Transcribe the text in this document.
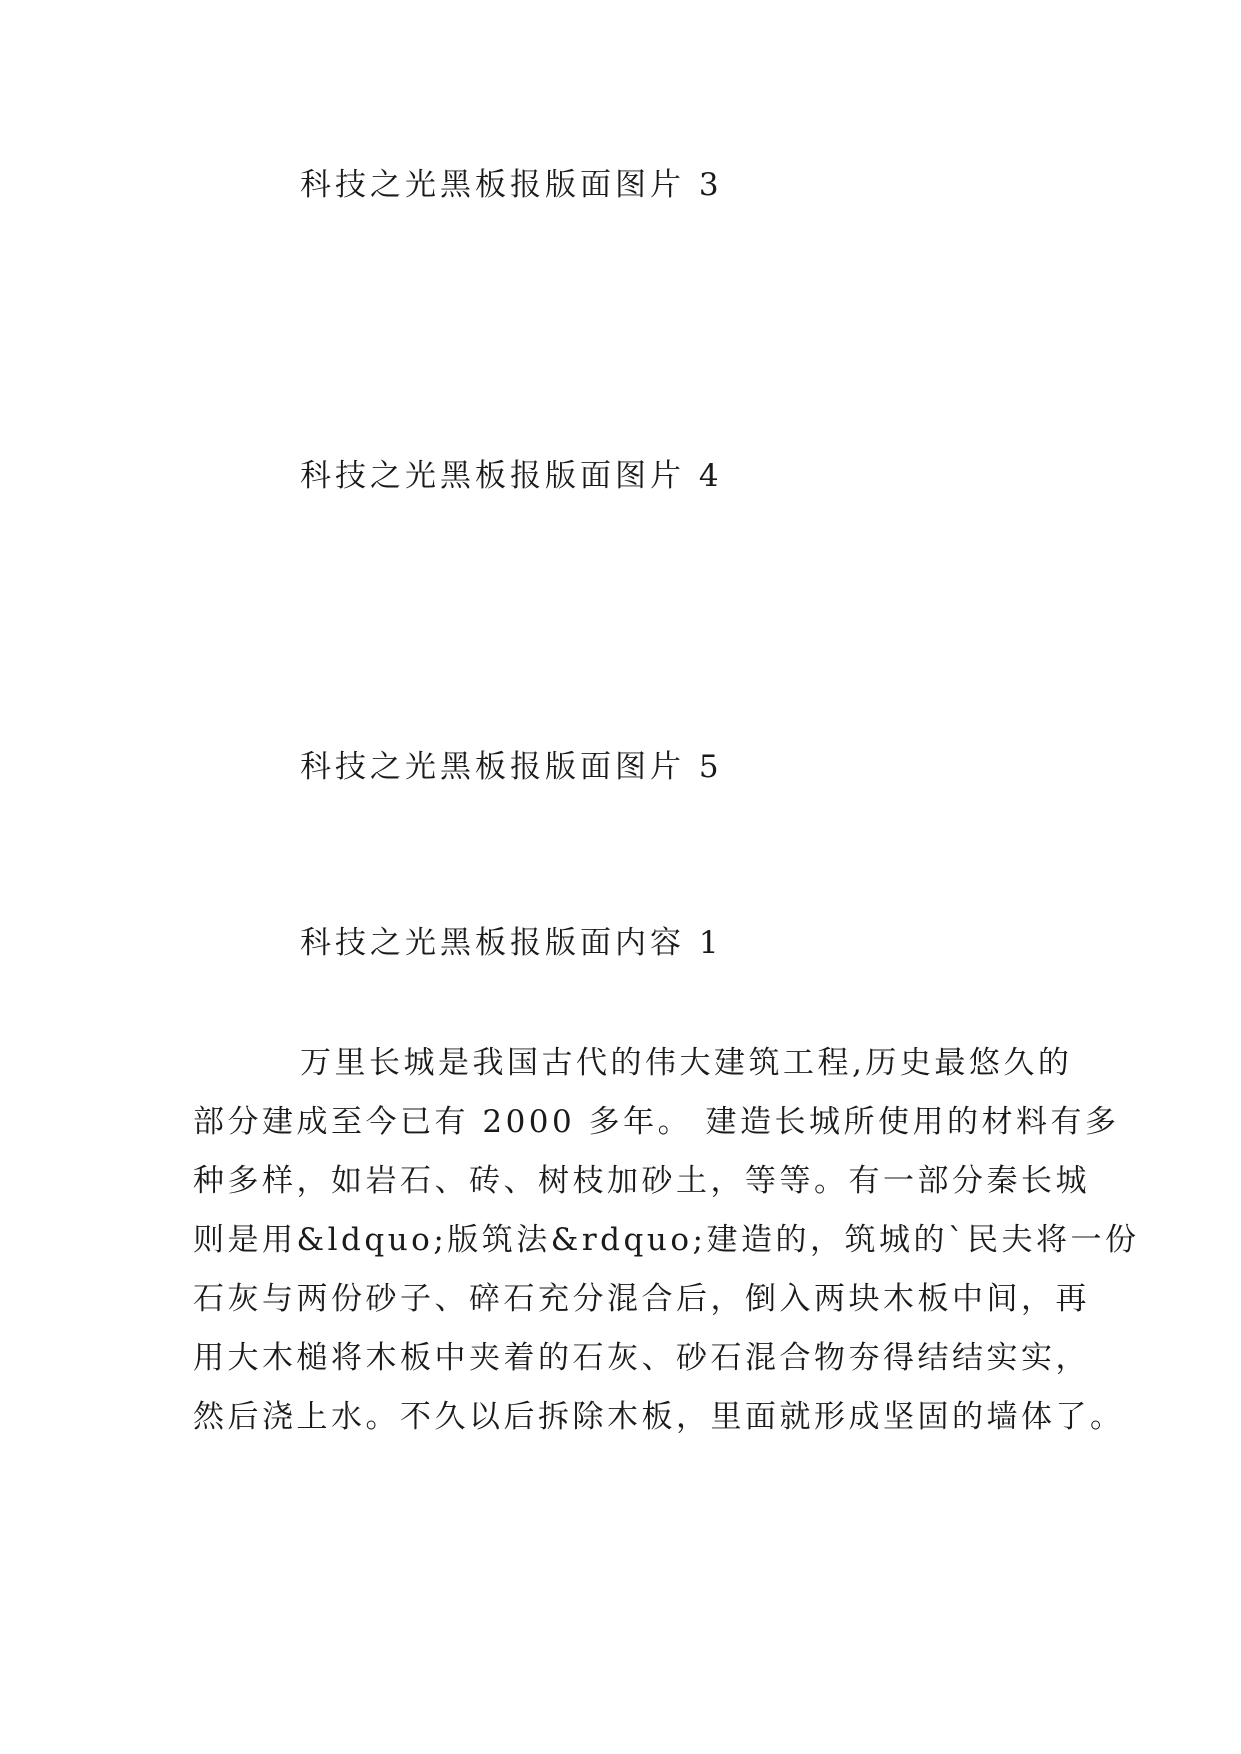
科技之光黑板报版面图片 3
科技之光黑板报版面图片 4
科技之光黑板报版面图片 5
科技之光黑板报版面内容 1
万里长城是我国古代的伟大建筑工程,历史最悠久的
部分建成至今已有 2000 多年。 建造长城所使用的材料有多
种多样，如岩石、砖、树枝加砂土，等等。有一部分秦长城
则是用&ldquo;版筑法&rdquo;建造的，筑城的`民夫将一份
石灰与两份砂子、碎石充分混合后，倒入两块木板中间，再
用大木槌将木板中夹着的石灰、砂石混合物夯得结结实实，
然后浇上水。不久以后拆除木板，里面就形成坚固的墙体了。
